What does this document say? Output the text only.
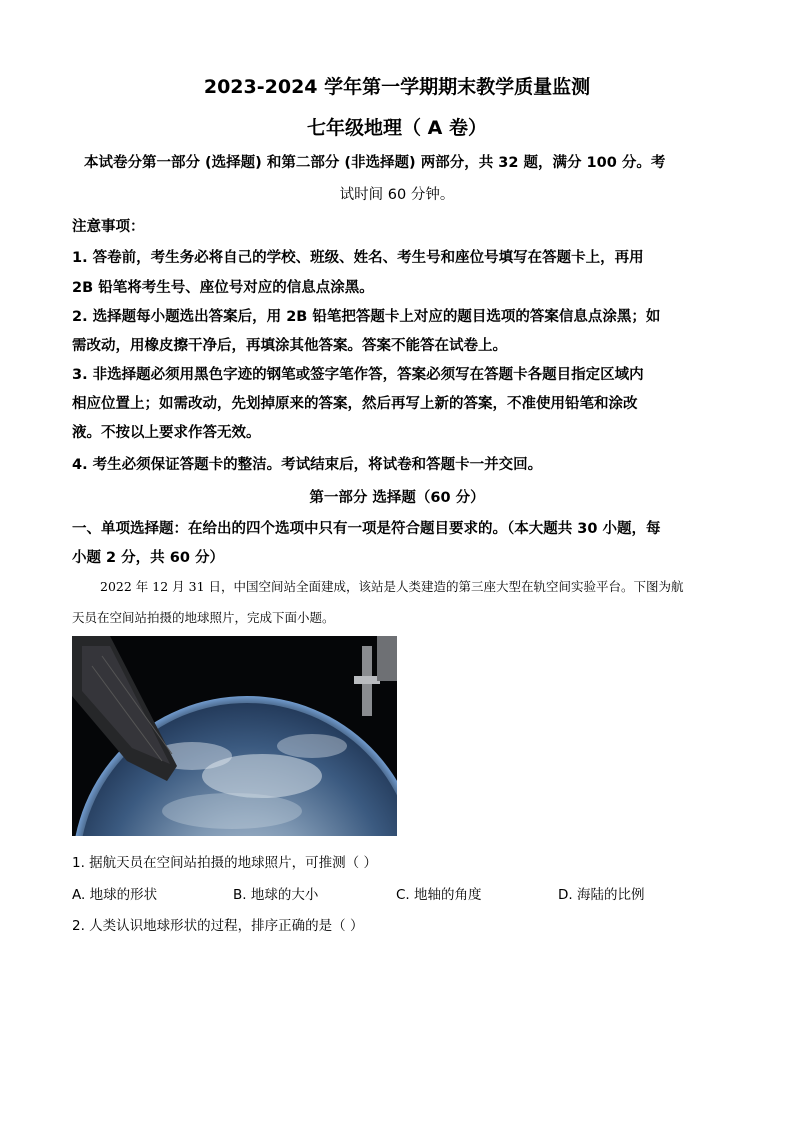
2023-2024 学年第一学期期末教学质量监测
七年级地理（ A 卷）
本试卷分第一部分 (选择题) 和第二部分 (非选择题) 两部分，共 32 题，满分 100 分。考
试时间 60 分钟。
注意事项：
1. 答卷前，考生务必将自己的学校、班级、姓名、考生号和座位号填写在答题卡上，再用
2B 铅笔将考生号、座位号对应的信息点涂黑。
2. 选择题每小题选出答案后，用 2B 铅笔把答题卡上对应的题目选项的答案信息点涂黑；如
需改动，用橡皮擦干净后，再填涂其他答案。答案不能答在试卷上。
3. 非选择题必须用黑色字迹的钢笔或签字笔作答，答案必须写在答题卡各题目指定区域内
相应位置上；如需改动，先划掉原来的答案，然后再写上新的答案，不准使用铅笔和涂改
液。不按以上要求作答无效。
4. 考生必须保证答题卡的整洁。考试结束后，将试卷和答题卡一并交回。
第一部分 选择题（60 分）
一、单项选择题：在给出的四个选项中只有一项是符合题目要求的。（本大题共 30 小题，每
小题 2 分，共 60 分）
2022 年 12 月 31 日，中国空间站全面建成，该站是人类建造的第三座大型在轨空间实验平台。下图为航
天员在空间站拍摄的地球照片，完成下面小题。
1. 据航天员在空间站拍摄的地球照片，可推测（ ）
A. 地球的形状	B. 地球的大小	C. 地轴的角度	D. 海陆的比例
2. 人类认识地球形状的过程，排序正确的是（ ）
